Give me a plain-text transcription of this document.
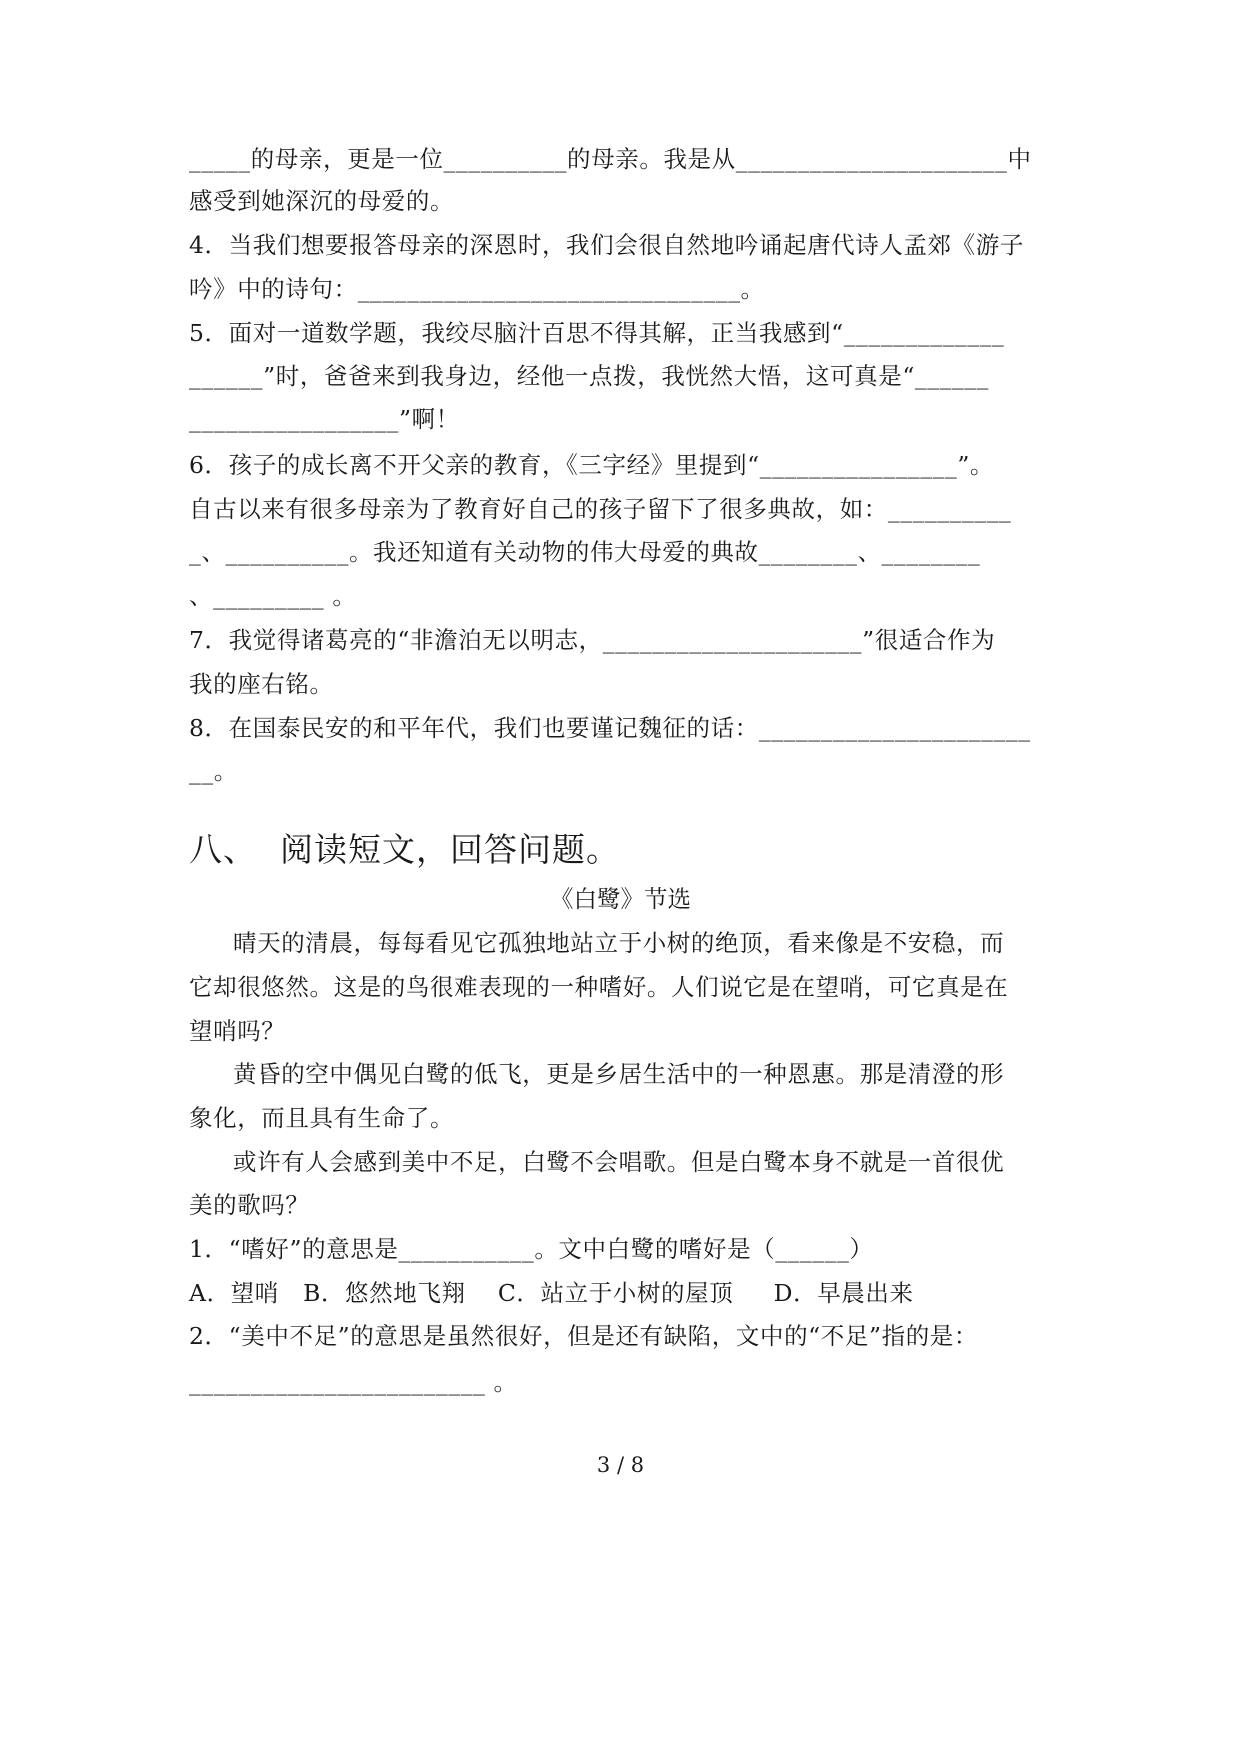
_____的母亲，更是一位__________的母亲。我是从______________________中
感受到她深沉的母爱的。
4．当我们想要报答母亲的深恩时，我们会很自然地吟诵起唐代诗人孟郊《游子
吟》中的诗句：_______________________________。
5．面对一道数学题，我绞尽脑汁百思不得其解，正当我感到“_____________
______”时，爸爸来到我身边，经他一点拨，我恍然大悟，这可真是“______
_________________”啊！
6．孩子的成长离不开父亲的教育，《三字经》里提到“________________”。
自古以来有很多母亲为了教育好自己的孩子留下了很多典故，如：__________
_、__________。我还知道有关动物的伟大母爱的典故________、________
、_________ 。
7．我觉得诸葛亮的“非澹泊无以明志，_____________________”很适合作为
我的座右铭。
8．在国泰民安的和平年代，我们也要谨记魏征的话：______________________
__。
八、  阅读短文，回答问题。
《白鹭》节选
晴天的清晨，每每看见它孤独地站立于小树的绝顶，看来像是不安稳，而
它却很悠然。这是的鸟很难表现的一种嗜好。人们说它是在望哨，可它真是在
望哨吗？
黄昏的空中偶见白鹭的低飞，更是乡居生活中的一种恩惠。那是清澄的形
象化，而且具有生命了。
或许有人会感到美中不足，白鹭不会唱歌。但是白鹭本身不就是一首很优
美的歌吗？
1．“嗜好”的意思是___________。文中白鹭的嗜好是（______）
A．望哨   B．悠然地飞翔    C．站立于小树的屋顶     D．早晨出来
2．“美中不足”的意思是虽然很好，但是还有缺陷，文中的“不足”指的是：
________________________ 。
3 / 8
